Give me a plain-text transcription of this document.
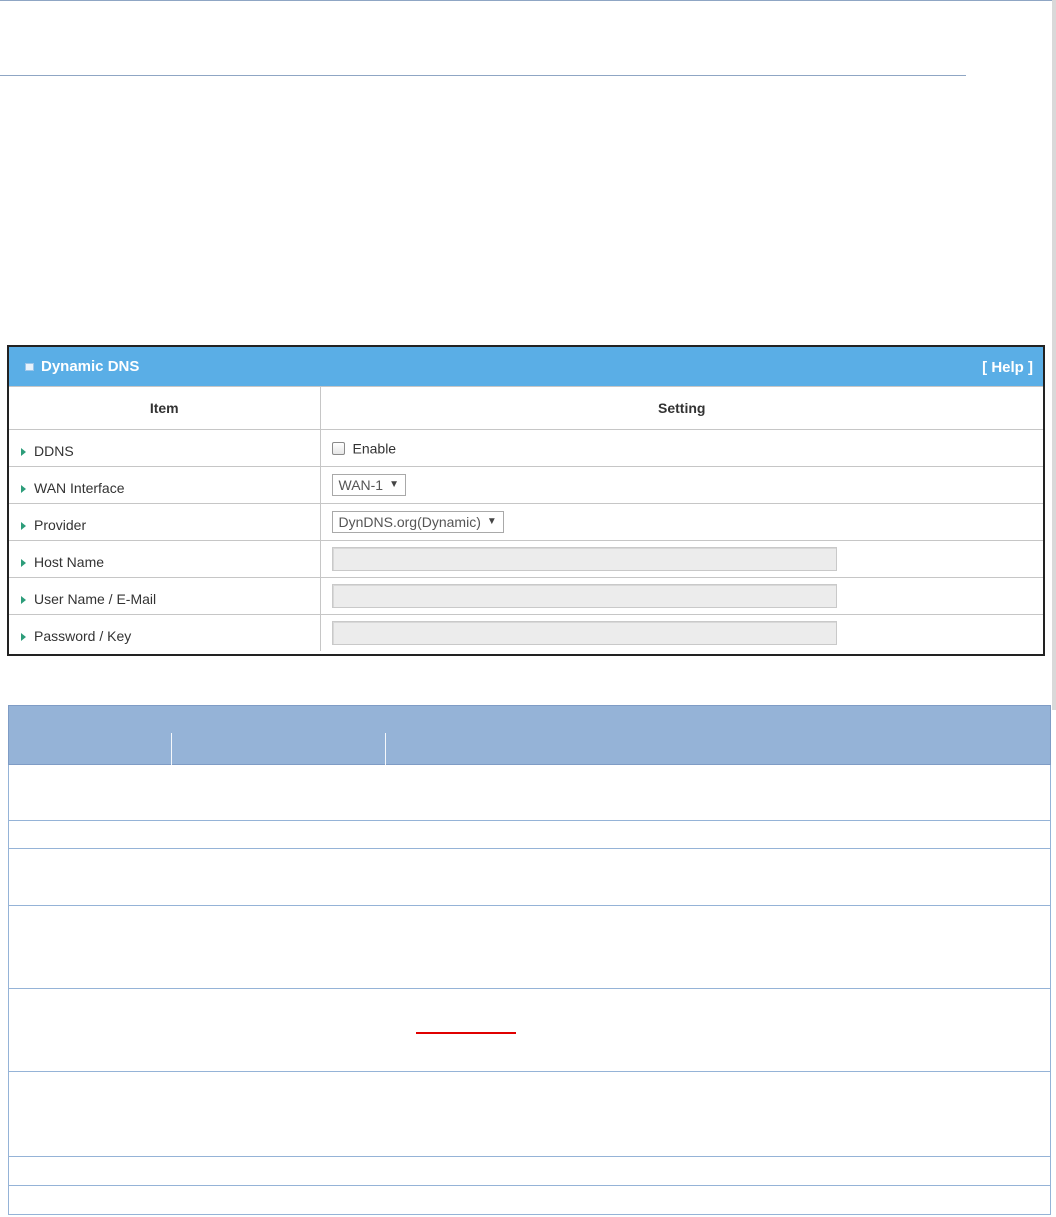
Dynamic DNS	[ Help ]
Item	Setting
DDNS	Enable
WAN Interface	WAN-1 ▼

Provider	DynDNS.org(Dynamic) ▼

Host Name	

User Name / E-Mail	

Password / Key	
